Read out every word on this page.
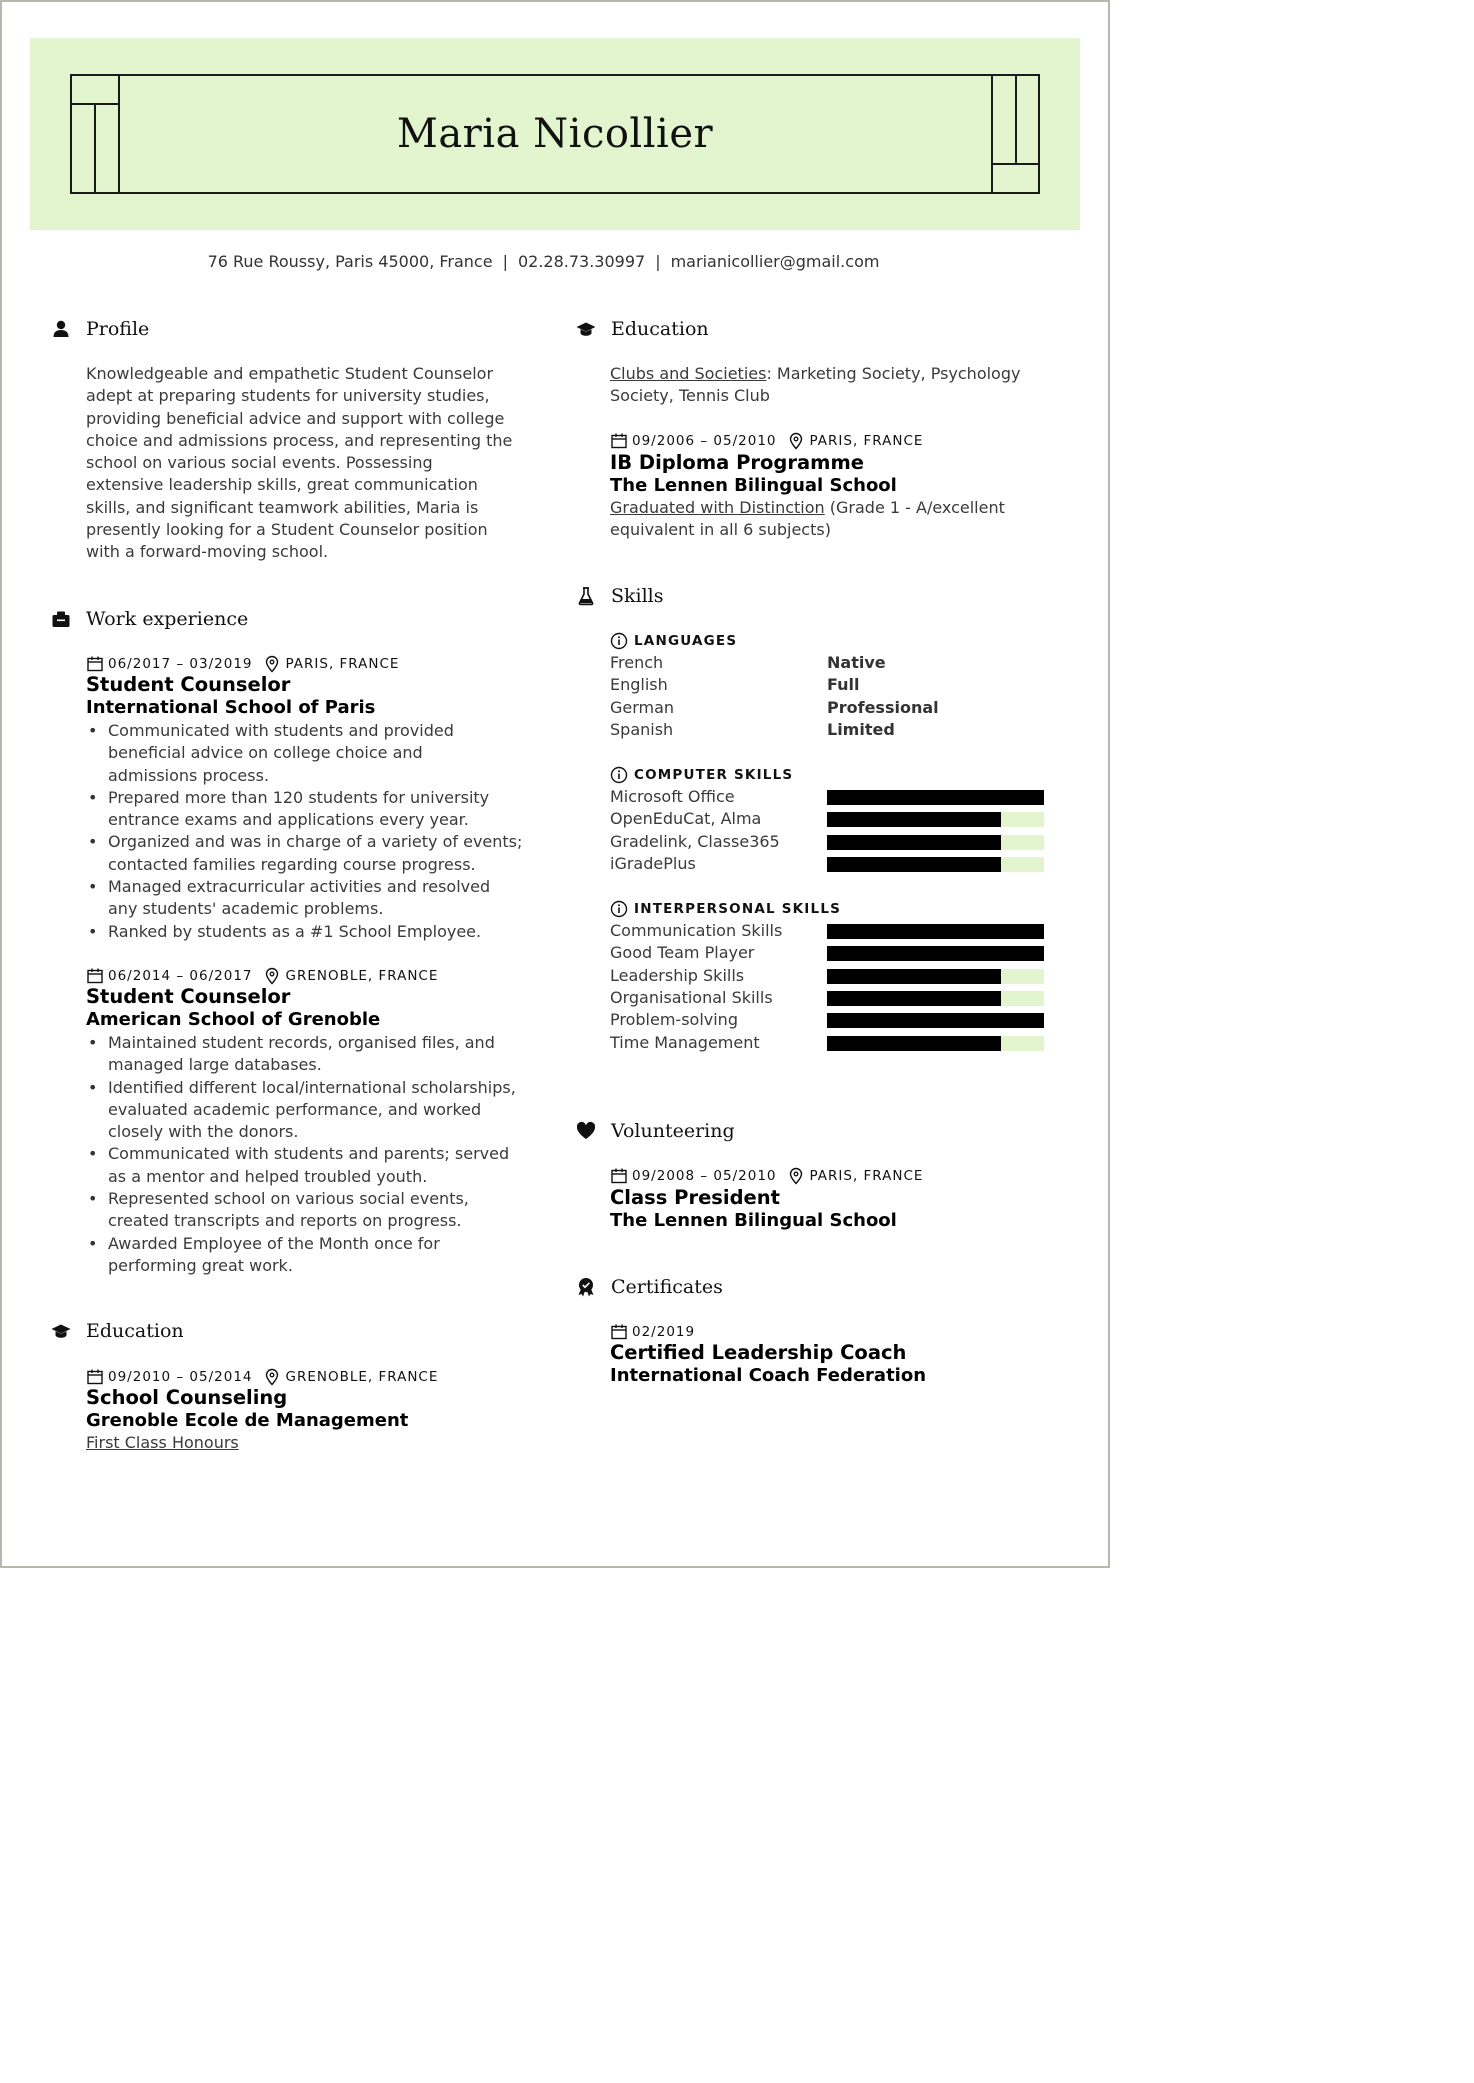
Maria Nicollier
76 Rue Roussy, Paris 45000, France | 02.28.73.30997 | marianicollier@gmail.com
Profile
Knowledgeable and empathetic Student Counselor
adept at preparing students for university studies,
providing beneficial advice and support with college
choice and admissions process, and representing the
school on various social events. Possessing
extensive leadership skills, great communication
skills, and significant teamwork abilities, Maria is
presently looking for a Student Counselor position
with a forward-moving school.
Work experience
06/2017 – 03/2019 PARIS, FRANCE
Student Counselor
International School of Paris
• Communicated with students and provided
beneficial advice on college choice and
admissions process.
• Prepared more than 120 students for university
entrance exams and applications every year.
• Organized and was in charge of a variety of events;
contacted families regarding course progress.
• Managed extracurricular activities and resolved
any students' academic problems.
• Ranked by students as a #1 School Employee.
06/2014 – 06/2017 GRENOBLE, FRANCE
Student Counselor
American School of Grenoble
• Maintained student records, organised files, and
managed large databases.
• Identified different local/international scholarships,
evaluated academic performance, and worked
closely with the donors.
• Communicated with students and parents; served
as a mentor and helped troubled youth.
• Represented school on various social events,
created transcripts and reports on progress.
• Awarded Employee of the Month once for
performing great work.
Education
09/2010 – 05/2014 GRENOBLE, FRANCE
School Counseling
Grenoble Ecole de Management
First Class Honours
Education
Clubs and Societies: Marketing Society, Psychology
Society, Tennis Club
09/2006 – 05/2010 PARIS, FRANCE
IB Diploma Programme
The Lennen Bilingual School
Graduated with Distinction (Grade 1 - A/excellent
equivalent in all 6 subjects)
Skills
LANGUAGES
French	Native
English	Full
German	Professional
Spanish	Limited
COMPUTER SKILLS
Microsoft Office
OpenEduCat, Alma
Gradelink, Classe365
iGradePlus
INTERPERSONAL SKILLS
Communication Skills
Good Team Player
Leadership Skills
Organisational Skills
Problem-solving
Time Management
Volunteering
09/2008 – 05/2010 PARIS, FRANCE
Class President
The Lennen Bilingual School
Certificates
02/2019
Certified Leadership Coach
International Coach Federation
